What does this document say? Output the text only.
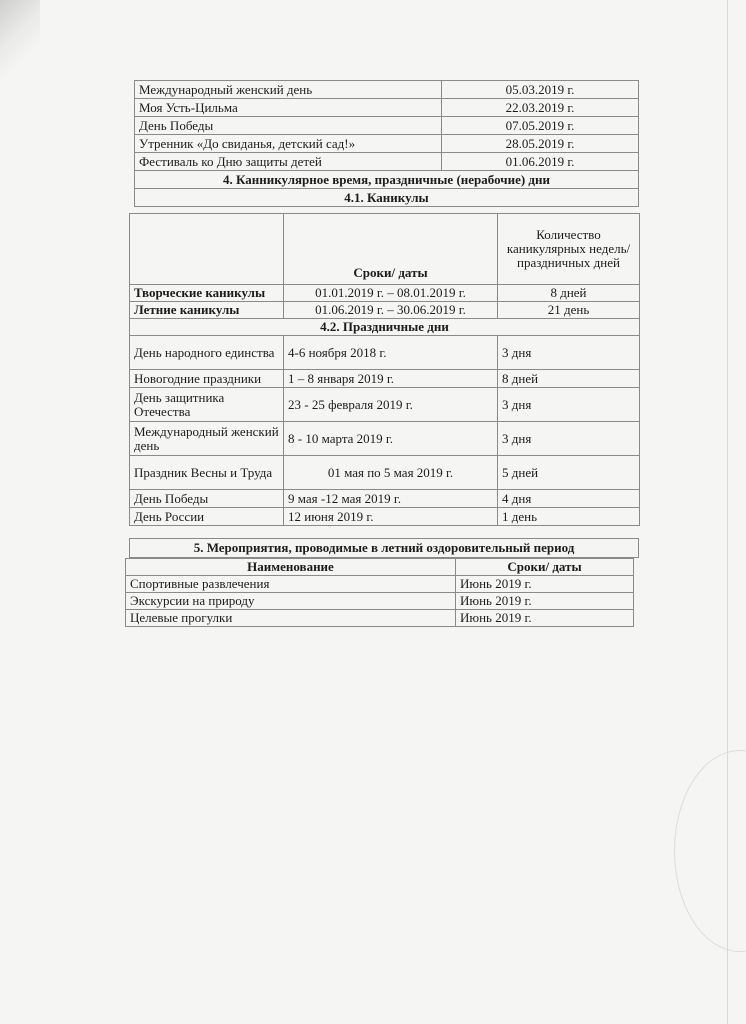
Международный женский день	05.03.2019 г.
Моя Усть-Цильма	22.03.2019 г.
День Победы	07.05.2019 г.
Утренник «До свиданья, детский сад!»	28.05.2019 г.
Фестиваль ко Дню защиты детей	01.06.2019 г.
4. Канникулярное время, праздничные (нерабочие) дни	
4.1. Каникулы	
	Сроки/ даты	Количество каникулярных недель/ праздничных дней
Творческие каникулы	01.01.2019 г. – 08.01.2019 г.	8 дней
Летние каникулы	01.06.2019 г. – 30.06.2019 г.	21 день
4.2. Праздничные дни		
День народного единства	4-6 ноября 2018 г.	3 дня
Новогодние праздники	1 – 8 января 2019 г.	8 дней
День защитника Отечества	23 - 25 февраля 2019 г.	3 дня
Международный женский день	8 - 10 марта 2019 г.	3 дня
Праздник Весны и Труда	01 мая по 5 мая 2019 г.	5 дней
День Победы	9 мая -12 мая 2019 г.	4 дня
День России	12 июня 2019 г.	1 день
5. Мероприятия, проводимые в летний оздоровительный период
Наименование	Сроки/ даты
Спортивные развлечения	Июнь 2019 г.
Экскурсии на природу	Июнь 2019 г.
Целевые прогулки	Июнь 2019 г.
